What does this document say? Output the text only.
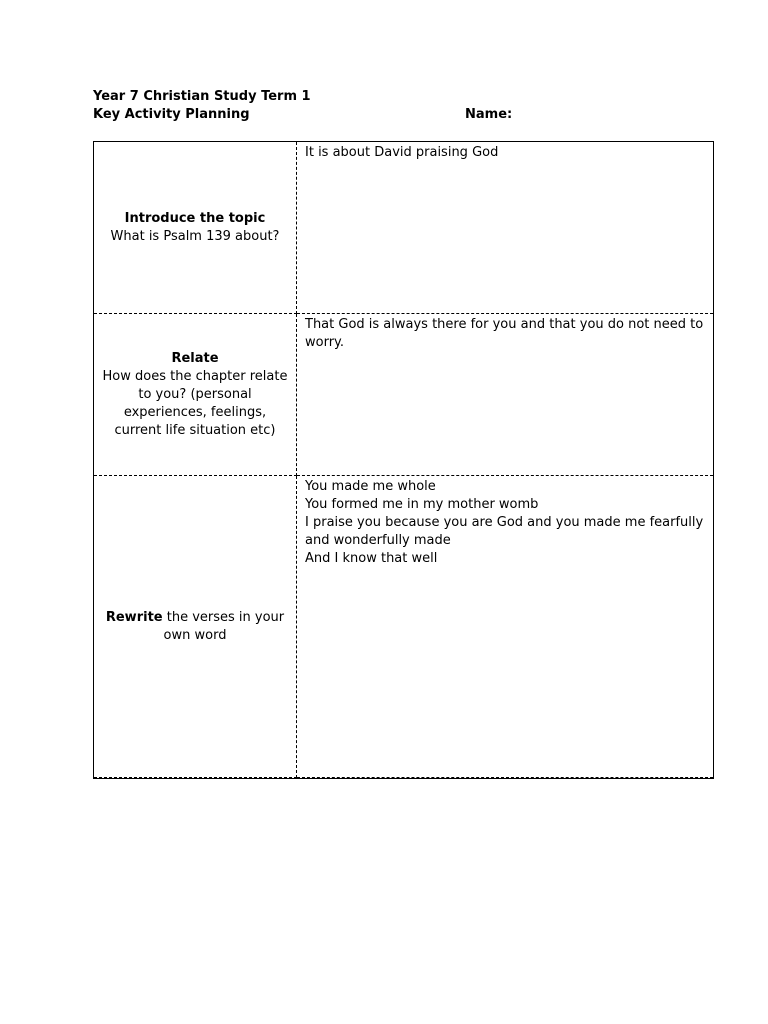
Year 7 Christian Study Term 1
Key Activity Planning	Name:
Introduce the topic
What is Psalm 139 about?
It is about David praising God
Relate
How does the chapter relate to you? (personal experiences, feelings, current life situation etc)
That God is always there for you and that you do not need to worry.
Rewrite the verses in your own word
You made me whole
You formed me in my mother womb
I praise you because you are God and you made me fearfully and wonderfully made
And I know that well
